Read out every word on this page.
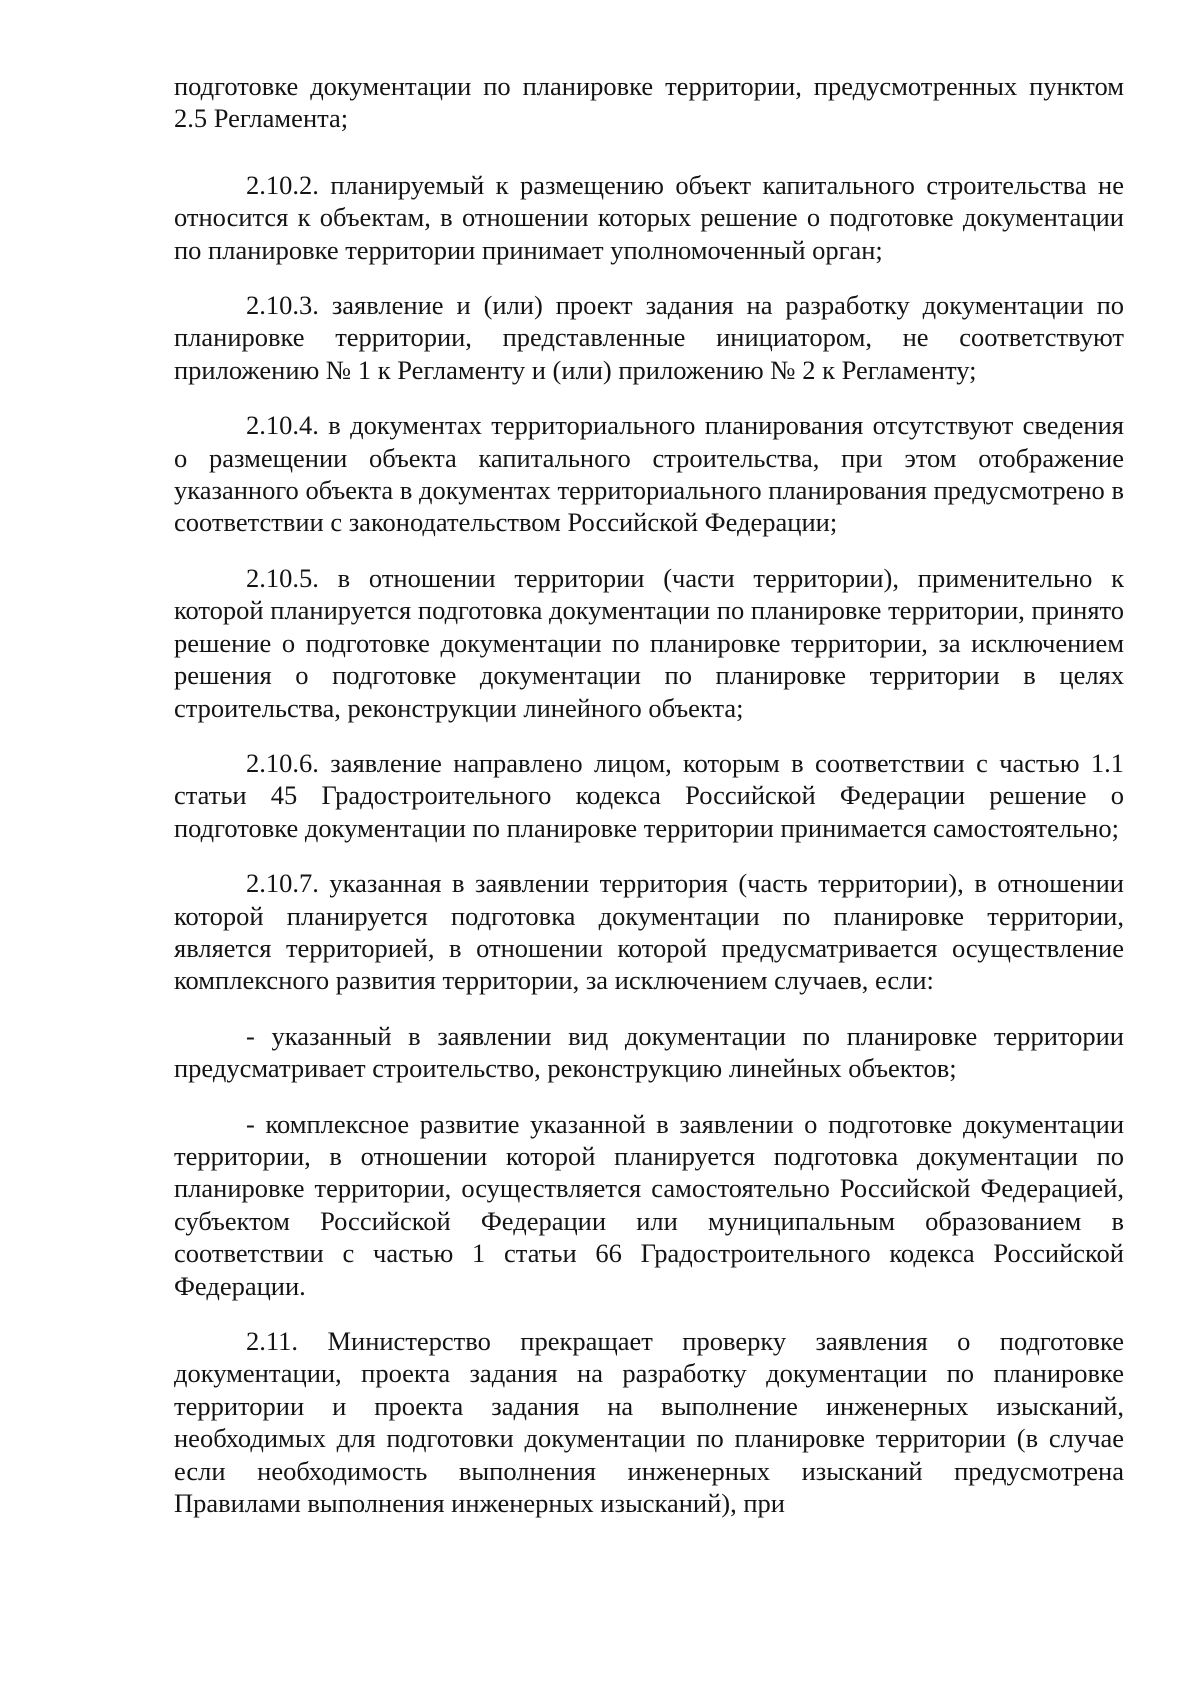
подготовке документации по планировке территории, предусмотренных пунктом 2.5 Регламента;

2.10.2. планируемый к размещению объект капитального строительства не относится к объектам, в отношении которых решение о подготовке документации по планировке территории принимает уполномоченный орган;

2.10.3. заявление и (или) проект задания на разработку документации по планировке территории, представленные инициатором, не соответствуют приложению № 1 к Регламенту и (или) приложению № 2 к Регламенту;

2.10.4. в документах территориального планирования отсутствуют сведения о размещении объекта капитального строительства, при этом отображение указанного объекта в документах территориального планирования предусмотрено в соответствии с законодательством Российской Федерации;

2.10.5. в отношении территории (части территории), применительно к которой планируется подготовка документации по планировке территории, принято решение о подготовке документации по планировке территории, за исключением решения о подготовке документации по планировке территории в целях строительства, реконструкции линейного объекта;

2.10.6. заявление направлено лицом, которым в соответствии с частью 1.1 статьи 45 Градостроительного кодекса Российской Федерации решение о подготовке документации по планировке территории принимается самостоятельно;

2.10.7. указанная в заявлении территория (часть территории), в отношении которой планируется подготовка документации по планировке территории, является территорией, в отношении которой предусматривается осуществление комплексного развития территории, за исключением случаев, если:

- указанный в заявлении вид документации по планировке территории предусматривает строительство, реконструкцию линейных объектов;

- комплексное развитие указанной в заявлении о подготовке документации территории, в отношении которой планируется подготовка документации по планировке территории, осуществляется самостоятельно Российской Федерацией, субъектом Российской Федерации или муниципальным образованием в соответствии с частью 1 статьи 66 Градостроительного кодекса Российской Федерации.

2.11. Министерство прекращает проверку заявления о подготовке документации, проекта задания на разработку документации по планировке территории и проекта задания на выполнение инженерных изысканий, необходимых для подготовки документации по планировке территории (в случае если необходимость выполнения инженерных изысканий предусмотрена Правилами выполнения инженерных изысканий), при
